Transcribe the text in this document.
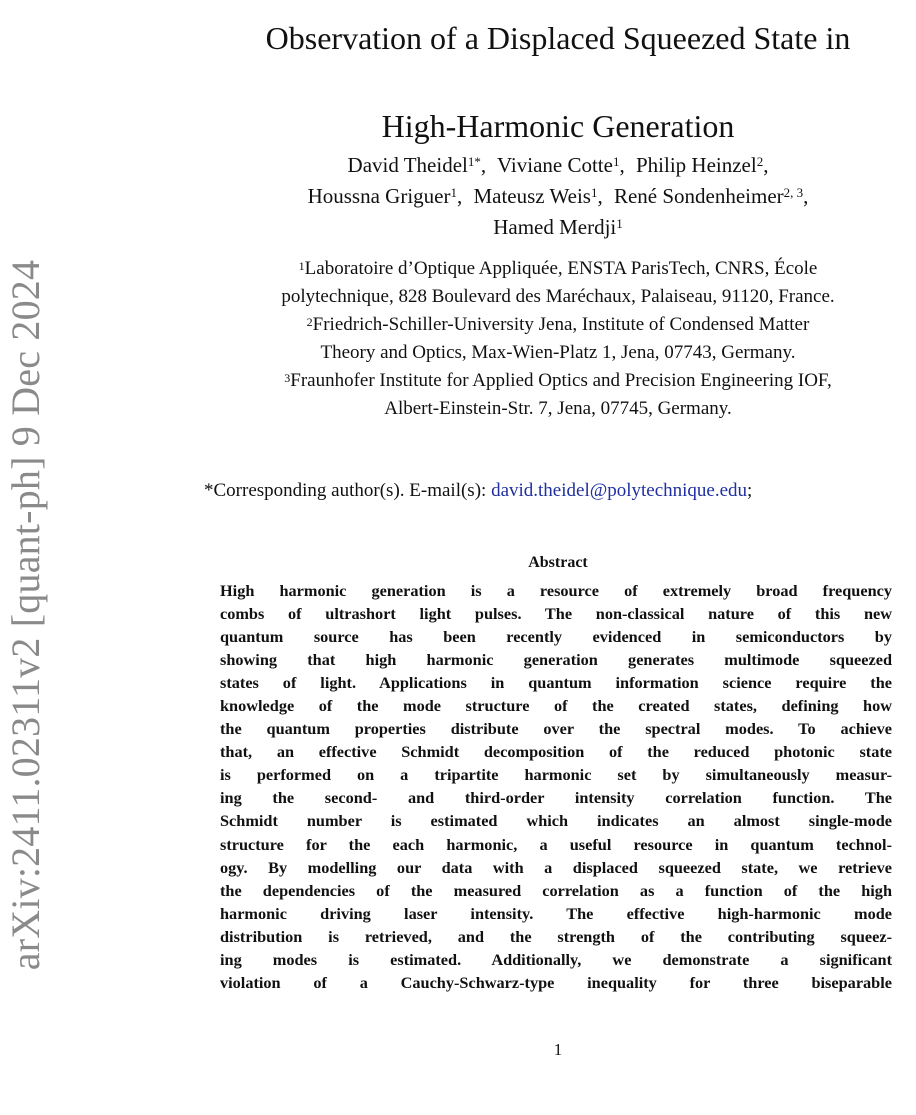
arXiv:2411.02311v2 [quant-ph] 9 Dec 2024
Observation of a Displaced Squeezed State in
High-Harmonic Generation
David Theidel$^{1*}$, Viviane Cotte$^1$, Philip Heinzel$^2$,
Houssna Griguer$^1$, Mateusz Weis$^1$, René Sondenheimer$^{2, 3}$,
Hamed Merdji$^1$
$^1$Laboratoire d’Optique Appliquée, ENSTA ParisTech, CNRS, École
polytechnique, 828 Boulevard des Maréchaux, Palaiseau, 91120, France.
$^2$Friedrich-Schiller-University Jena, Institute of Condensed Matter
Theory and Optics, Max-Wien-Platz 1, Jena, 07743, Germany.
$^3$Fraunhofer Institute for Applied Optics and Precision Engineering IOF,
Albert-Einstein-Str. 7, Jena, 07745, Germany.
*Corresponding author(s). E-mail(s): david.theidel@polytechnique.edu;
Abstract
High harmonic generation is a resource of extremely broad frequency
combs of ultrashort light pulses. The non-classical nature of this new
quantum source has been recently evidenced in semiconductors by
showing that high harmonic generation generates multimode squeezed
states of light. Applications in quantum information science require the
knowledge of the mode structure of the created states, defining how
the quantum properties distribute over the spectral modes. To achieve
that, an effective Schmidt decomposition of the reduced photonic state
is performed on a tripartite harmonic set by simultaneously measur-
ing the second- and third-order intensity correlation function. The
Schmidt number is estimated which indicates an almost single-mode
structure for the each harmonic, a useful resource in quantum technol-
ogy. By modelling our data with a displaced squeezed state, we retrieve
the dependencies of the measured correlation as a function of the high
harmonic driving laser intensity. The effective high-harmonic mode
distribution is retrieved, and the strength of the contributing squeez-
ing modes is estimated. Additionally, we demonstrate a significant
violation of a Cauchy-Schwarz-type inequality for three biseparable
1
